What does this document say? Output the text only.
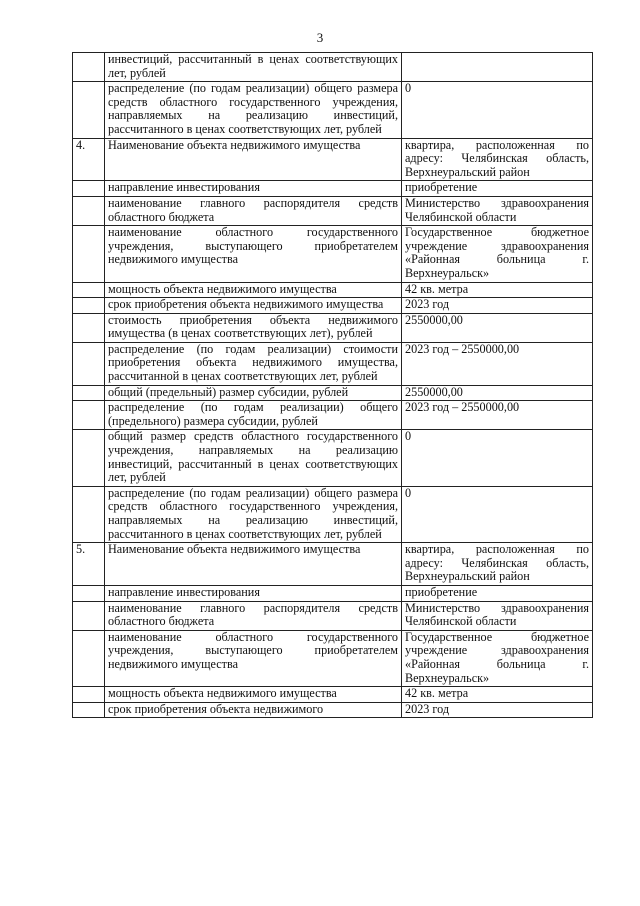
3
	инвестиций, рассчитанный в ценах соответствующих лет, рублей	
	распределение (по годам реализации) общего размера средств областного государственного учреждения, направляемых на реализацию инвестиций, рассчитанного в ценах соответствующих лет, рублей	0
4.	Наименование объекта недвижимого имущества	квартира, расположенная по адресу: Челябинская область, Верхнеуральский район
	направление инвестирования	приобретение
	наименование главного распорядителя средств областного бюджета	Министерство здравоохранения Челябинской области
	наименование областного государственного учреждения, выступающего приобретателем недвижимого имущества	Государственное бюджетное учреждение здравоохранения «Районная больница г. Верхнеуральск»
	мощность объекта недвижимого имущества	42 кв. метра
	срок приобретения объекта недвижимого имущества	2023 год
	стоимость приобретения объекта недвижимого имущества (в ценах соответствующих лет), рублей	2550000,00
	распределение (по годам реализации) стоимости приобретения объекта недвижимого имущества, рассчитанной в ценах соответствующих лет, рублей	2023 год – 2550000,00
	общий (предельный) размер субсидии, рублей	2550000,00
	распределение (по годам реализации) общего (предельного) размера субсидии, рублей	2023 год – 2550000,00
	общий размер средств областного государственного учреждения, направляемых на реализацию инвестиций, рассчитанный в ценах соответствующих лет, рублей	0
	распределение (по годам реализации) общего размера средств областного государственного учреждения, направляемых на реализацию инвестиций, рассчитанного в ценах соответствующих лет, рублей	0
5.	Наименование объекта недвижимого имущества	квартира, расположенная по адресу: Челябинская область, Верхнеуральский район
	направление инвестирования	приобретение
	наименование главного распорядителя средств областного бюджета	Министерство здравоохранения Челябинской области
	наименование областного государственного учреждения, выступающего приобретателем недвижимого имущества	Государственное бюджетное учреждение здравоохранения «Районная больница г. Верхнеуральск»
	мощность объекта недвижимого имущества	42 кв. метра
	срок приобретения объекта недвижимого	2023 год
